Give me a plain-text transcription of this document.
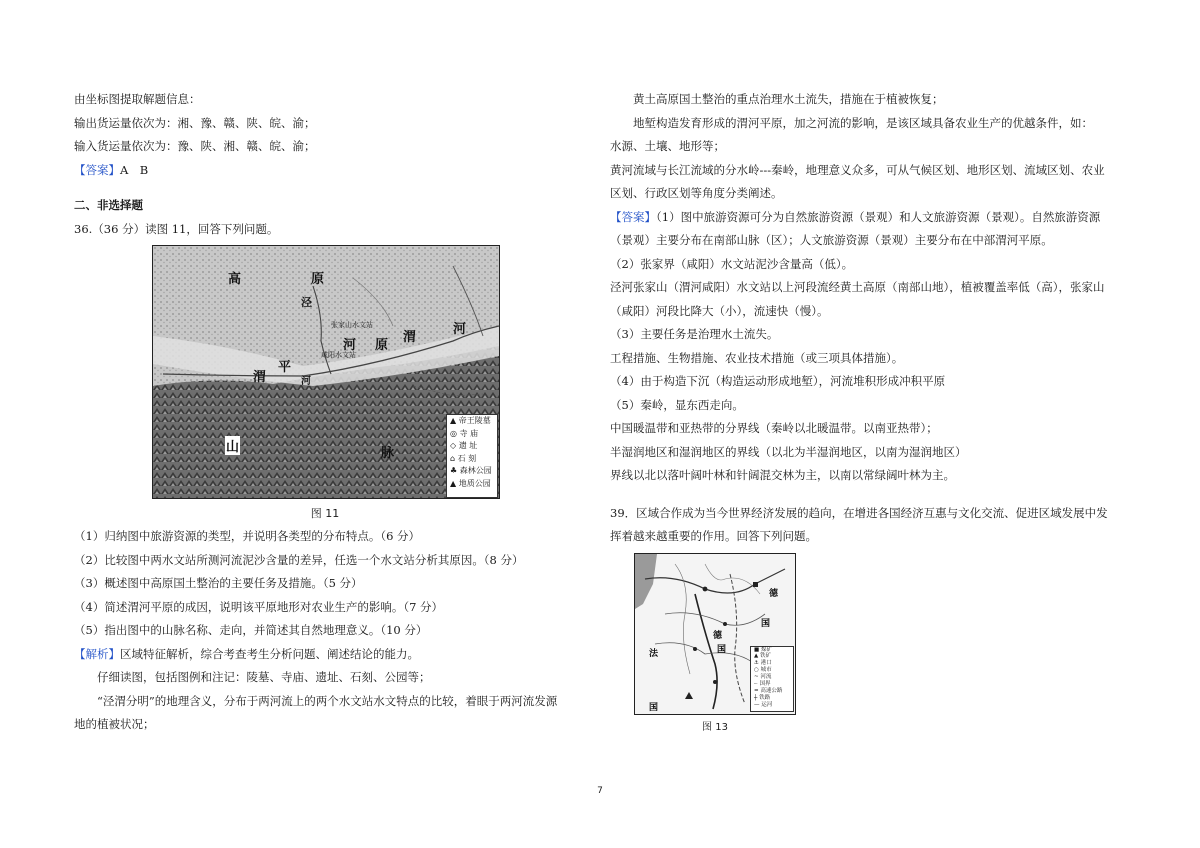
由坐标图提取解题信息：
输出货运量依次为：湘、豫、赣、陕、皖、渝；
输入货运量依次为：豫、陕、湘、赣、皖、渝；
【答案】A　B
二、非选择题
36.（36 分）读图 11，回答下列问题。
高	原
泾
渭
河 原
河
渭
平
河
山	脉
张家山水文站
咸阳水文站
▲ 帝王陵墓
◎ 寺 庙
◇ 遗 址
⌂ 石 刻
♣ 森林公园
▲ 地质公园
图 11
（1）归纳图中旅游资源的类型，并说明各类型的分布特点。（6 分）
（2）比较图中两水文站所测河流泥沙含量的差异，任选一个水文站分析其原因。（8 分）
（3）概述图中高原国土整治的主要任务及措施。（5 分）
（4）简述渭河平原的成因，说明该平原地形对农业生产的影响。（7 分）
（5）指出图中的山脉名称、走向，并简述其自然地理意义。（10 分）
【解析】区域特征解析，综合考查考生分析问题、阐述结论的能力。
仔细读图，包括图例和注记：陵墓、寺庙、遗址、石刻、公园等；
“泾渭分明”的地理含义，分布于两河流上的两个水文站水文特点的比较，着眼于两河流发源
地的植被状况；
黄土高原国土整治的重点治理水土流失，措施在于植被恢复；
地堑构造发育形成的渭河平原，加之河流的影响，是该区域具备农业生产的优越条件，如：
水源、土壤、地形等；
黄河流域与长江流域的分水岭---秦岭，地理意义众多，可从气候区划、地形区划、流域区划、农业
区划、行政区划等角度分类阐述。
【答案】（1）图中旅游资源可分为自然旅游资源（景观）和人文旅游资源（景观）。自然旅游资源
（景观）主要分布在南部山脉（区）；人文旅游资源（景观）主要分布在中部渭河平原。
（2）张家界（咸阳）水文站泥沙含量高（低）。
泾河张家山（渭河咸阳）水文站以上河段流经黄土高原（南部山地），植被覆盖率低（高），张家山
（咸阳）河段比降大（小），流速快（慢）。
（3）主要任务是治理水土流失。
工程措施、生物措施、农业技术措施（或三项具体措施）。
（4）由于构造下沉（构造运动形成地堑），河流堆积形成冲积平原
（5）秦岭，显东西走向。
中国暖温带和亚热带的分界线（秦岭以北暖温带。以南亚热带）；
半湿润地区和湿润地区的界线（以北为半湿润地区，以南为湿润地区）
界线以北以落叶阔叶林和针阔混交林为主，以南以常绿阔叶林为主。
39．区域合作成为当今世界经济发展的趋向，在增进各国经济互惠与文化交流、促进区域发展中发
挥着越来越重要的作用。回答下列问题。
德
国
法
国
德
国	■ 煤矿
▲ 铁矿
⚓ 港口
○ 城市
~ 河流
-· 国界
= 高速公路
┼ 铁路
— 运河
图 13
7
